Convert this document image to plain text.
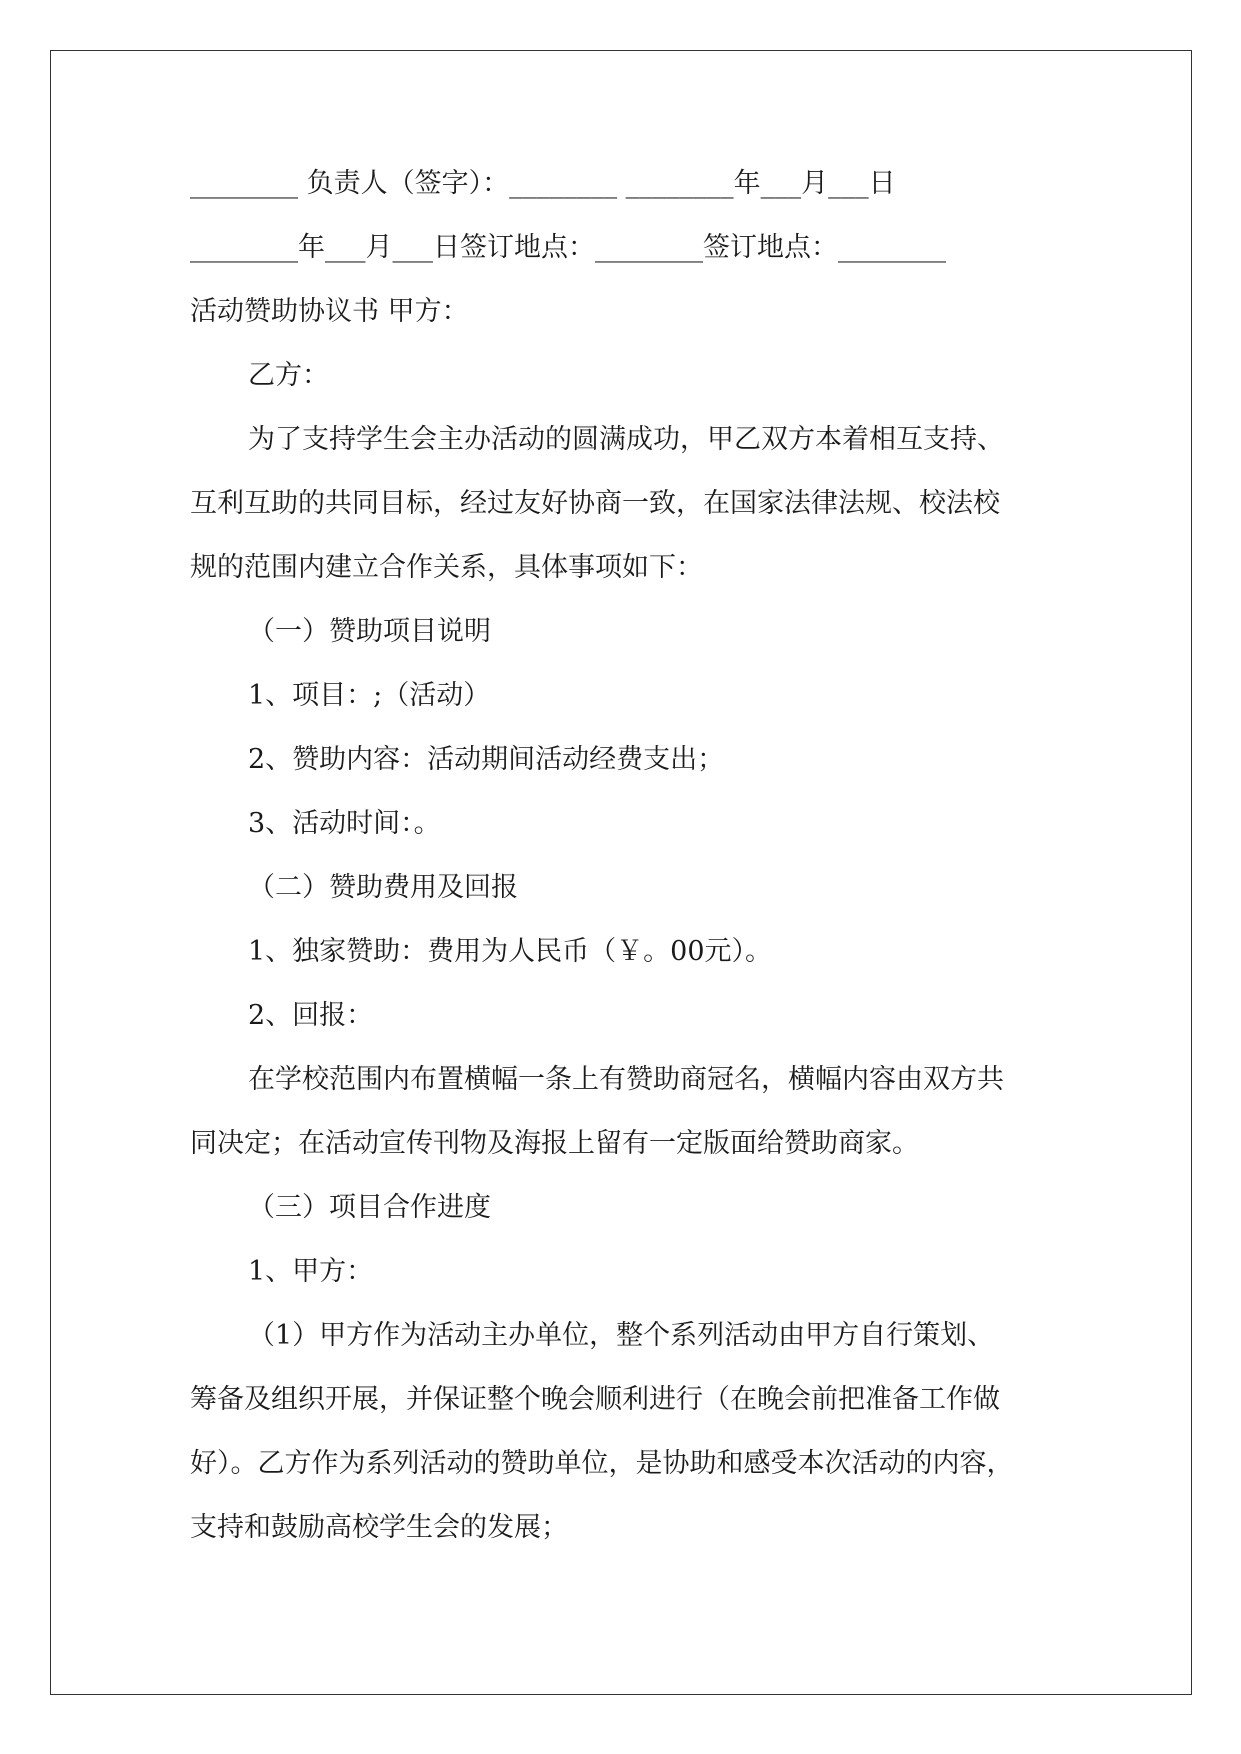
________ 负责人（签字）：________ ________年___月___日
________年___月___日签订地点：________签订地点：________
活动赞助协议书 甲方：
乙方：
为了支持学生会主办活动的圆满成功，甲乙双方本着相互支持、
互利互助的共同目标，经过友好协商一致，在国家法律法规、校法校
规的范围内建立合作关系，具体事项如下：
（一）赞助项目说明
1、项目：;（活动）
2、赞助内容：活动期间活动经费支出；
3、活动时间：。
（二）赞助费用及回报
1、独家赞助：费用为人民币（￥。00元）。
2、回报：
在学校范围内布置横幅一条上有赞助商冠名，横幅内容由双方共
同决定；在活动宣传刊物及海报上留有一定版面给赞助商家。
（三）项目合作进度
1、甲方：
（1）甲方作为活动主办单位，整个系列活动由甲方自行策划、
筹备及组织开展，并保证整个晚会顺利进行（在晚会前把准备工作做
好）。乙方作为系列活动的赞助单位，是协助和感受本次活动的内容，
支持和鼓励高校学生会的发展；
